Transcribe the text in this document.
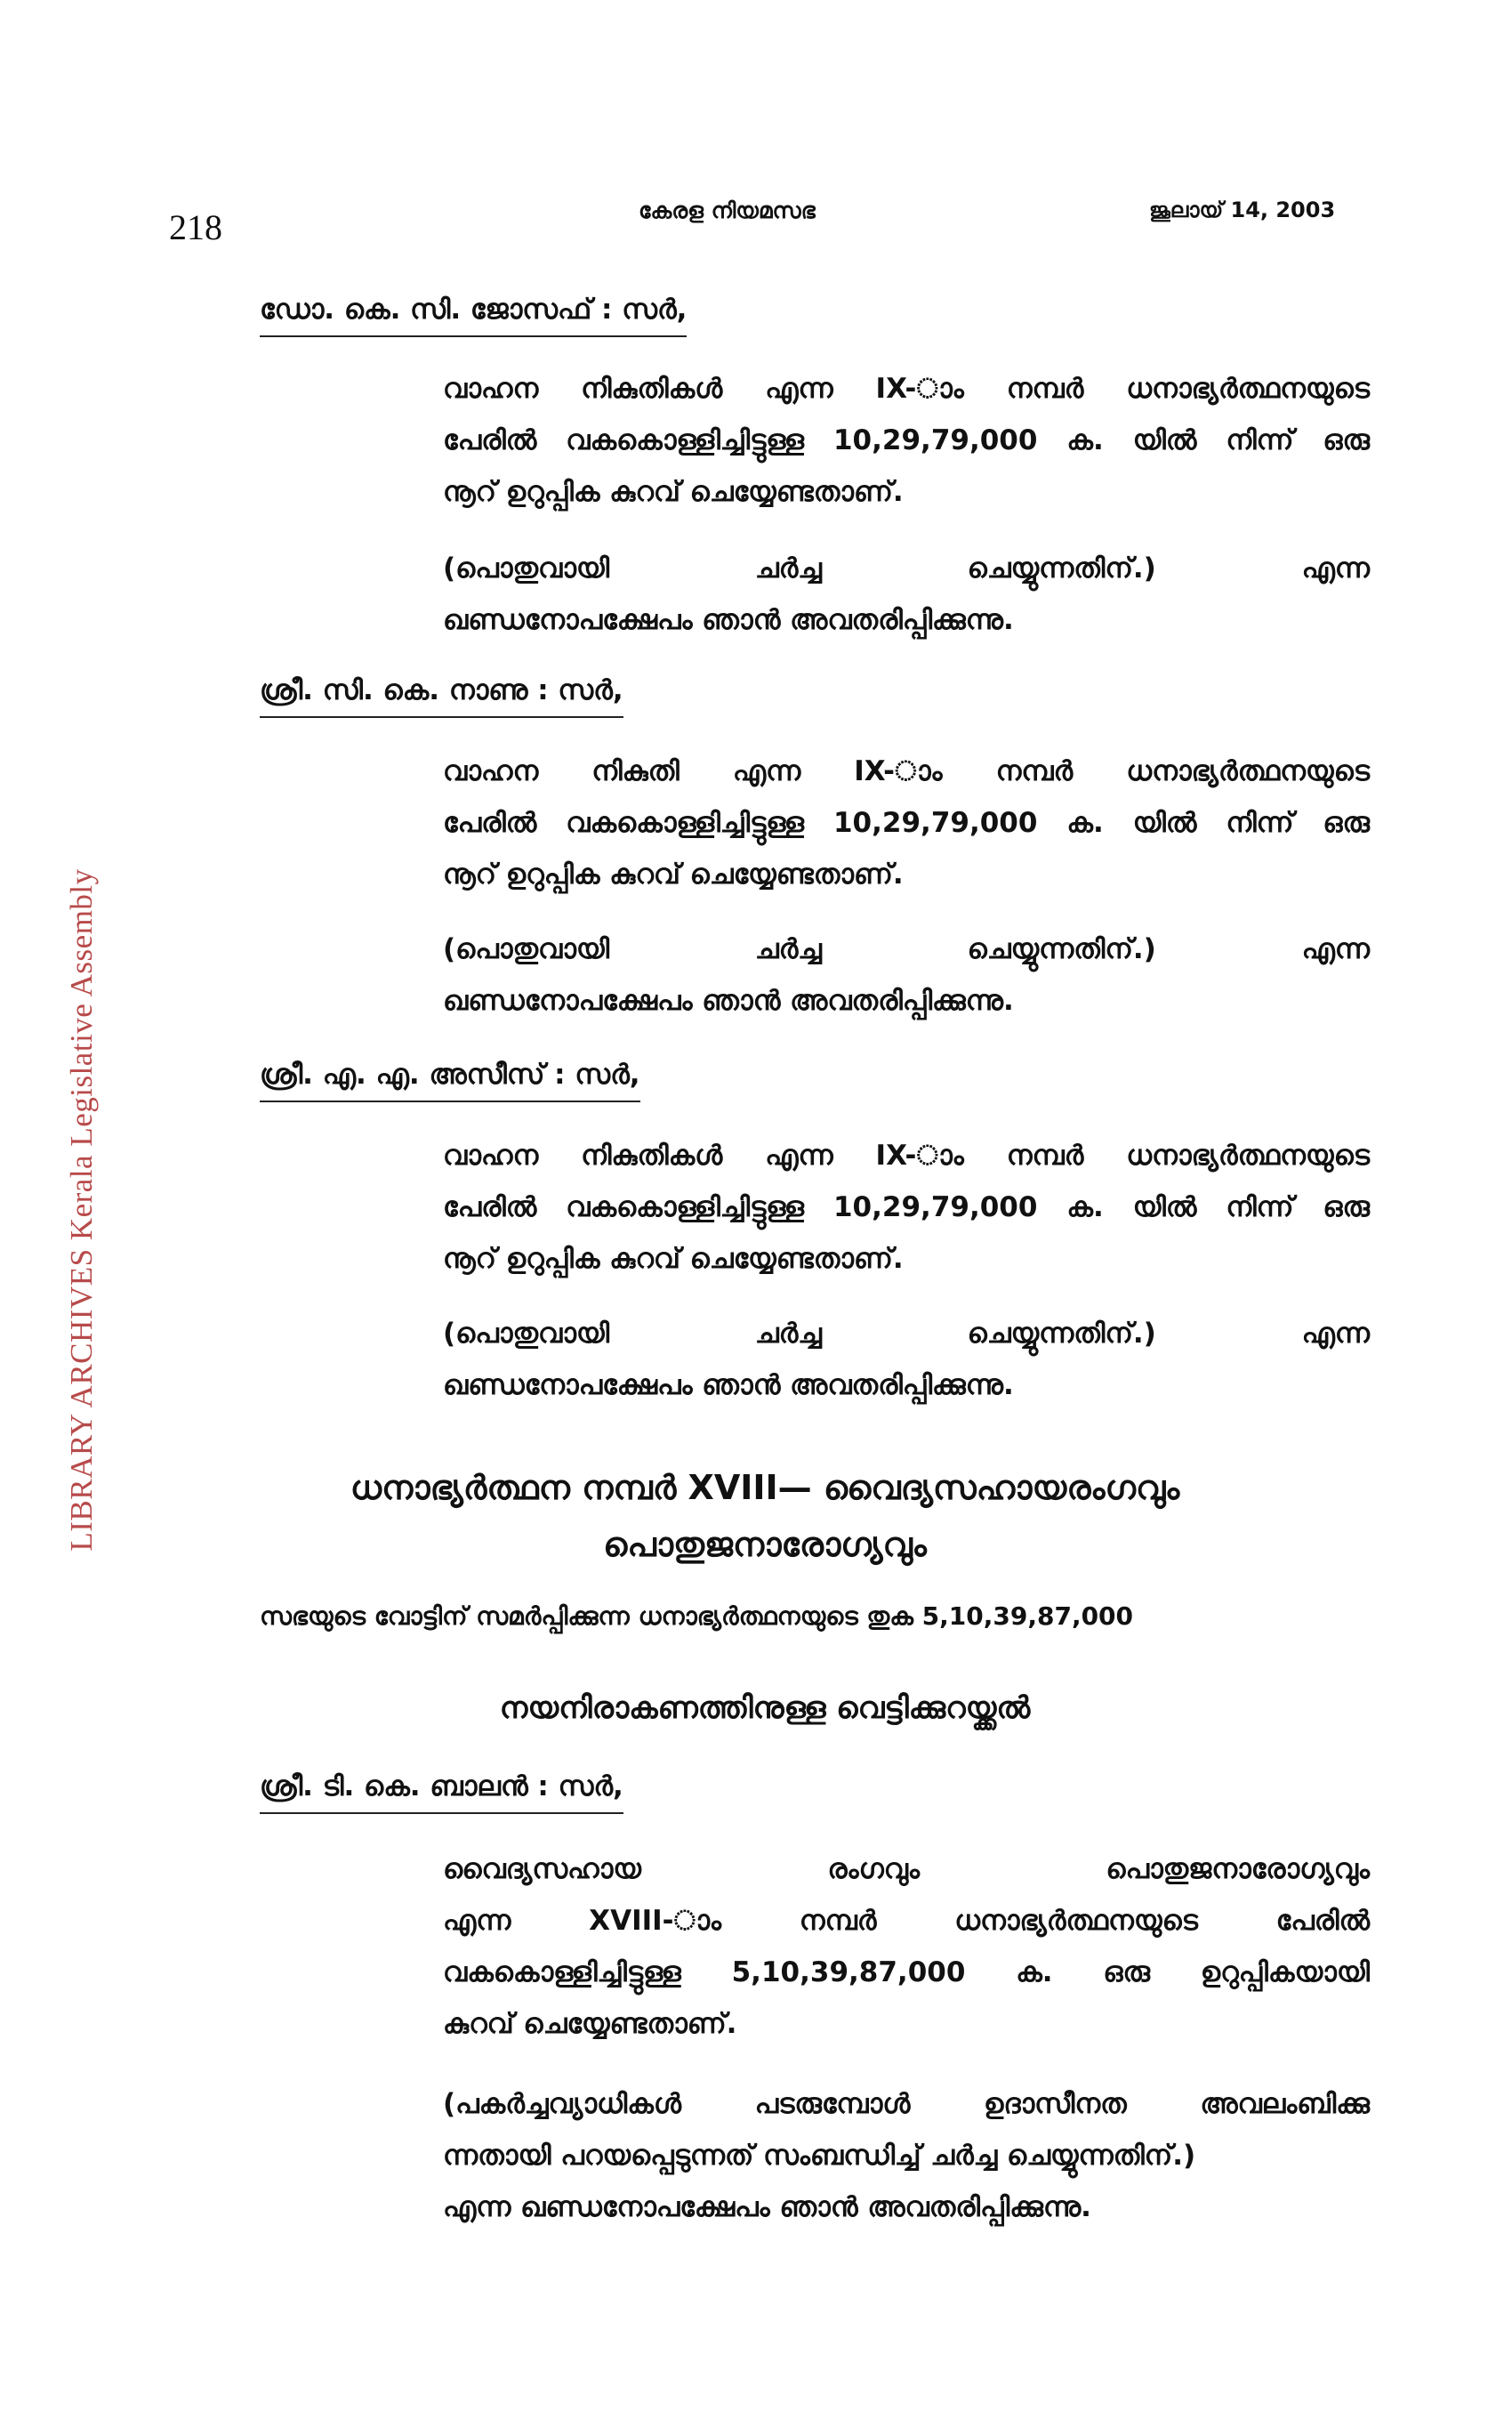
218	കേരള നിയമസഭ	ജൂലായ് 14, 2003
LIBRARY ARCHIVES Kerala Legislative Assembly
ഡോ. കെ. സി. ജോസഫ് : സർ,
വാഹന നികുതികൾ എന്ന IX-ാം നമ്പർ ധനാഭ്യർത്ഥനയുടെ
പേരിൽ വകകൊള്ളിച്ചിട്ടുള്ള 10,29,79,000 ക. യിൽ നിന്ന് ഒരു
നൂറ് ഉറുപ്പിക കുറവ് ചെയ്യേണ്ടതാണ്.
(പൊതുവായി	ചർച്ച	ചെയ്യുന്നതിന്.)	എന്ന
ഖണ്ഡനോപക്ഷേപം ഞാൻ അവതരിപ്പിക്കുന്നു.
ശ്രീ. സി. കെ. നാണു : സർ,
വാഹന നികുതി എന്ന IX-ാം നമ്പർ ധനാഭ്യർത്ഥനയുടെ
പേരിൽ വകകൊള്ളിച്ചിട്ടുള്ള 10,29,79,000 ക. യിൽ നിന്ന് ഒരു
നൂറ് ഉറുപ്പിക കുറവ് ചെയ്യേണ്ടതാണ്.
(പൊതുവായി	ചർച്ച	ചെയ്യുന്നതിന്.)	എന്ന
ഖണ്ഡനോപക്ഷേപം ഞാൻ അവതരിപ്പിക്കുന്നു.
ശ്രീ. എ. എ. അസീസ് : സർ,
വാഹന നികുതികൾ എന്ന IX-ാം നമ്പർ ധനാഭ്യർത്ഥനയുടെ
പേരിൽ വകകൊള്ളിച്ചിട്ടുള്ള 10,29,79,000 ക. യിൽ നിന്ന് ഒരു
നൂറ് ഉറുപ്പിക കുറവ് ചെയ്യേണ്ടതാണ്.
(പൊതുവായി	ചർച്ച	ചെയ്യുന്നതിന്.)	എന്ന
ഖണ്ഡനോപക്ഷേപം ഞാൻ അവതരിപ്പിക്കുന്നു.
ധനാഭ്യർത്ഥന നമ്പർ XVIII— വൈദ്യസഹായരംഗവും
പൊതുജനാരോഗ്യവും
സഭയുടെ വോട്ടിന് സമർപ്പിക്കുന്ന ധനാഭ്യർത്ഥനയുടെ തുക 5,10,39,87,000
നയനിരാകണത്തിനുള്ള വെട്ടിക്കുറയ്ക്കൽ
ശ്രീ. ടി. കെ. ബാലൻ : സർ,
വൈദ്യസഹായ രംഗവും പൊതുജനാരോഗ്യവും
എന്ന XVIII-ാം നമ്പർ ധനാഭ്യർത്ഥനയുടെ പേരിൽ
വകകൊള്ളിച്ചിട്ടുള്ള 5,10,39,87,000 ക. ഒരു ഉറുപ്പികയായി
കുറവ് ചെയ്യേണ്ടതാണ്.
(പകർച്ചവ്യാധികൾ പടരുമ്പോൾ ഉദാസീനത അവലംബിക്കു
ന്നതായി പറയപ്പെടുന്നത് സംബന്ധിച്ച് ചർച്ച ചെയ്യുന്നതിന്.)
എന്ന ഖണ്ഡനോപക്ഷേപം ഞാൻ അവതരിപ്പിക്കുന്നു.
